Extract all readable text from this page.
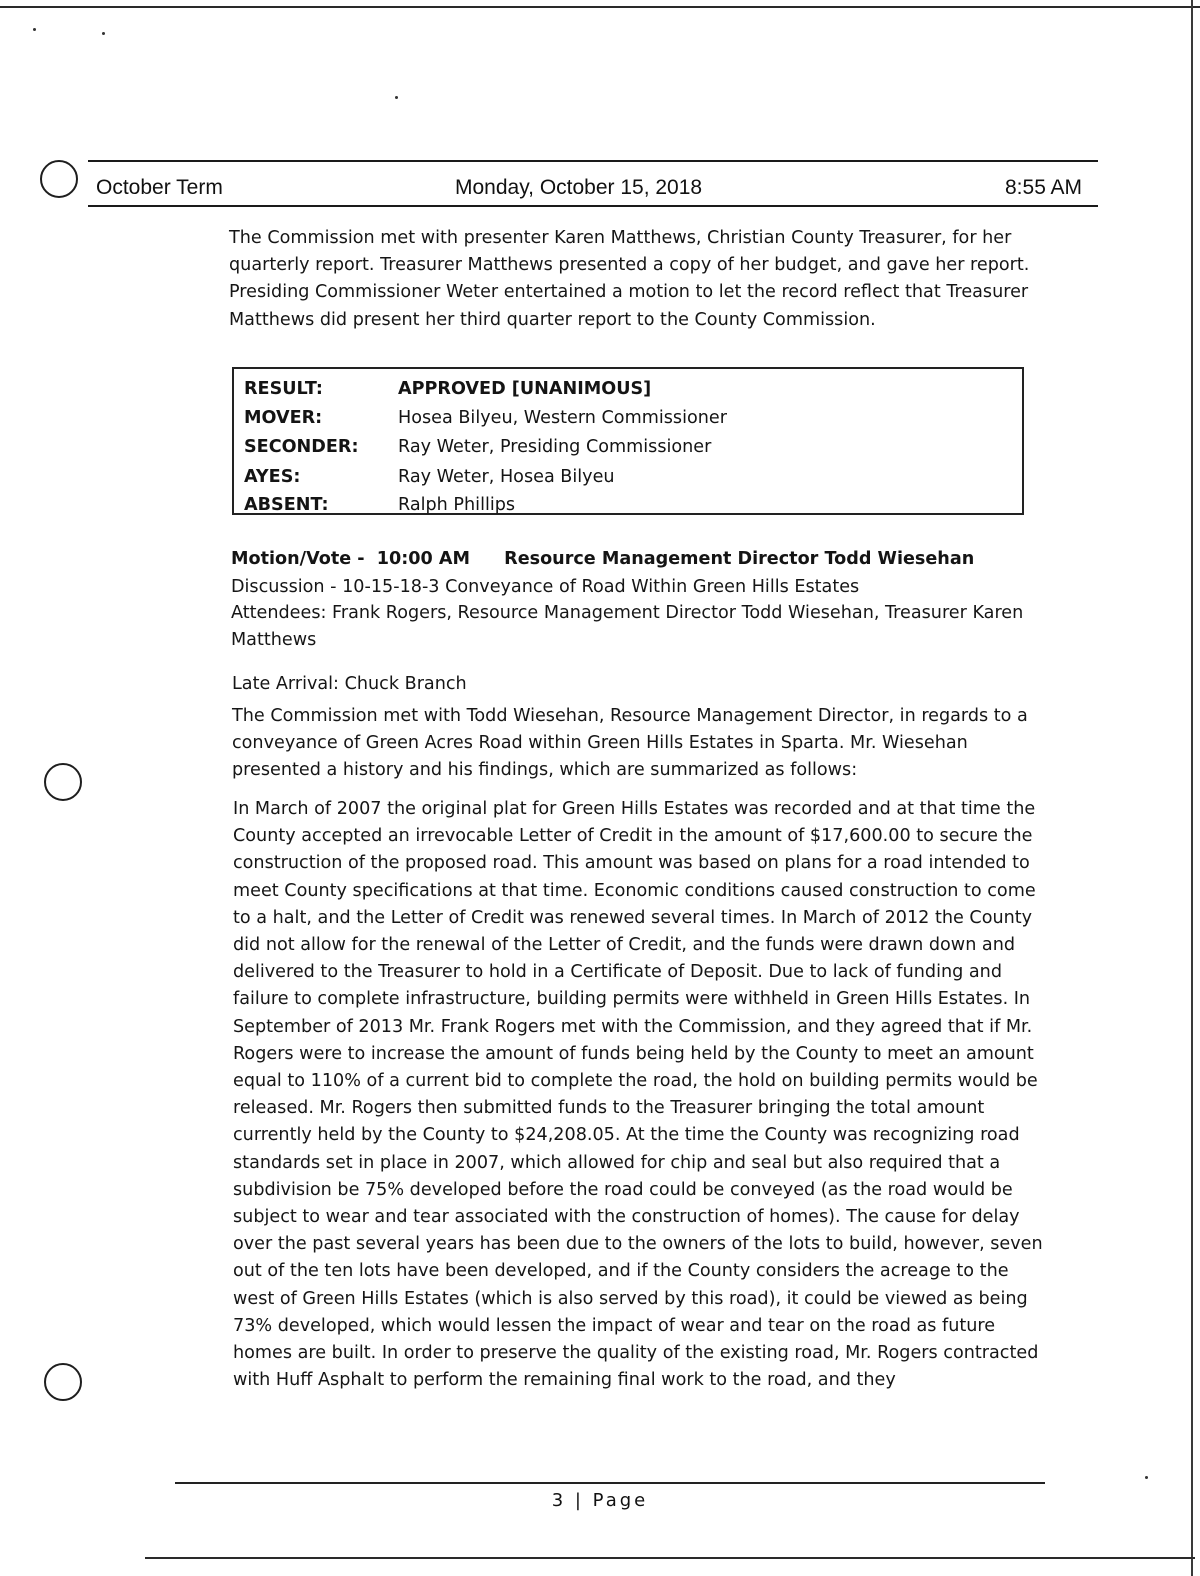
October Term	Monday, October 15, 2018	8:55 AM

The Commission met with presenter Karen Matthews, Christian County Treasurer, for her quarterly report. Treasurer Matthews presented a copy of her budget, and gave her report. Presiding Commissioner Weter entertained a motion to let the record reflect that Treasurer Matthews did present her third quarter report to the County Commission.

RESULT:	APPROVED [UNANIMOUS]
MOVER:	Hosea Bilyeu, Western Commissioner
SECONDER:	Ray Weter, Presiding Commissioner
AYES:	Ray Weter, Hosea Bilyeu
ABSENT:	Ralph Phillips
Motion/Vote - 10:00 AM Resource Management Director Todd Wiesehan

Discussion - 10-15-18-3 Conveyance of Road Within Green Hills Estates

Attendees: Frank Rogers, Resource Management Director Todd Wiesehan, Treasurer Karen Matthews

Late Arrival: Chuck Branch

The Commission met with Todd Wiesehan, Resource Management Director, in regards to a conveyance of Green Acres Road within Green Hills Estates in Sparta. Mr. Wiesehan presented a history and his findings, which are summarized as follows:

In March of 2007 the original plat for Green Hills Estates was recorded and at that time the County accepted an irrevocable Letter of Credit in the amount of $17,600.00 to secure the construction of the proposed road. This amount was based on plans for a road intended to meet County specifications at that time. Economic conditions caused construction to come to a halt, and the Letter of Credit was renewed several times. In March of 2012 the County did not allow for the renewal of the Letter of Credit, and the funds were drawn down and delivered to the Treasurer to hold in a Certificate of Deposit. Due to lack of funding and failure to complete infrastructure, building permits were withheld in Green Hills Estates. In September of 2013 Mr. Frank Rogers met with the Commission, and they agreed that if Mr. Rogers were to increase the amount of funds being held by the County to meet an amount equal to 110% of a current bid to complete the road, the hold on building permits would be released. Mr. Rogers then submitted funds to the Treasurer bringing the total amount currently held by the County to $24,208.05. At the time the County was recognizing road standards set in place in 2007, which allowed for chip and seal but also required that a subdivision be 75% developed before the road could be conveyed (as the road would be subject to wear and tear associated with the construction of homes). The cause for delay over the past several years has been due to the owners of the lots to build, however, seven out of the ten lots have been developed, and if the County considers the acreage to the west of Green Hills Estates (which is also served by this road), it could be viewed as being 73% developed, which would lessen the impact of wear and tear on the road as future homes are built. In order to preserve the quality of the existing road, Mr. Rogers contracted with Huff Asphalt to perform the remaining final work to the road, and they

3 | Page
